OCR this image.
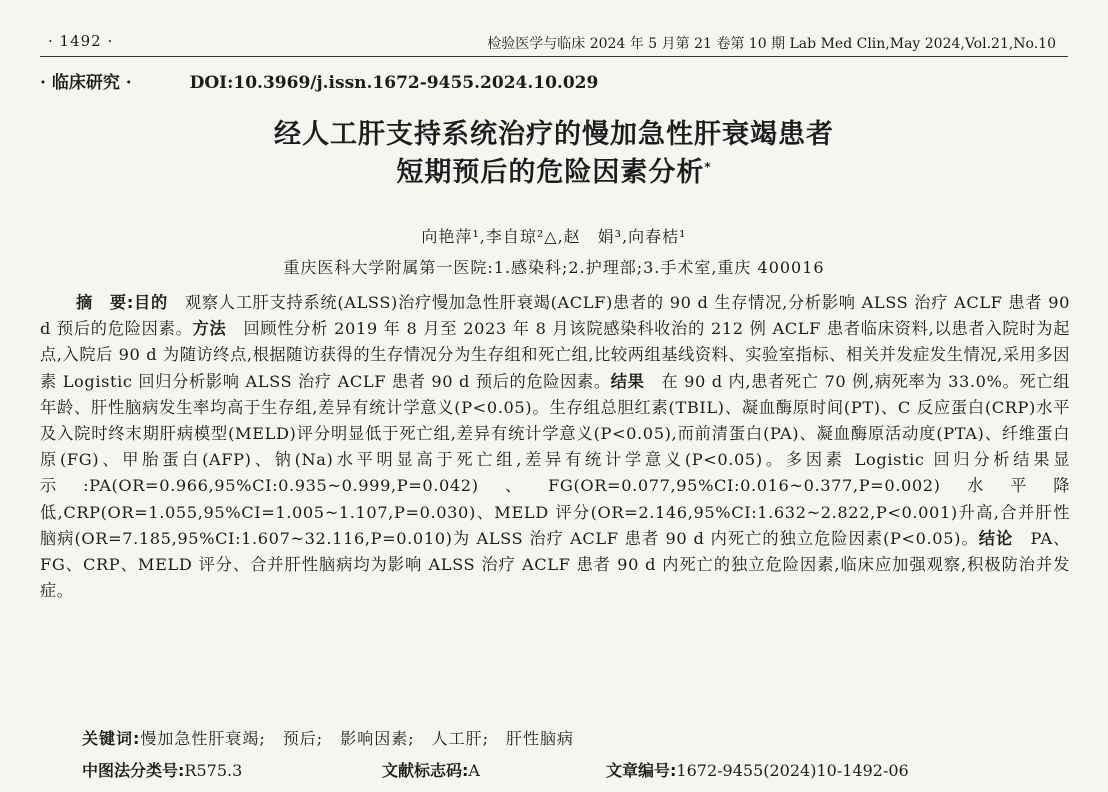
· 1492 ·	检验医学与临床 2024 年 5 月第 21 卷第 10 期 Lab Med Clin,May 2024,Vol.21,No.10
· 临床研究 ·	DOI:10.3969/j.issn.1672-9455.2024.10.029
经人工肝支持系统治疗的慢加急性肝衰竭患者
短期预后的危险因素分析*
向艳萍¹,李自琼²△,赵　娟³,向春桔¹
重庆医科大学附属第一医院:1.感染科;2.护理部;3.手术室,重庆 400016
摘　要:目的　观察人工肝支持系统(ALSS)治疗慢加急性肝衰竭(ACLF)患者的 90 d 生存情况,分析影响 ALSS 治疗 ACLF 患者 90 d 预后的危险因素。方法　回顾性分析 2019 年 8 月至 2023 年 8 月该院感染科收治的 212 例 ACLF 患者临床资料,以患者入院时为起点,入院后 90 d 为随访终点,根据随访获得的生存情况分为生存组和死亡组,比较两组基线资料、实验室指标、相关并发症发生情况,采用多因素 Logistic 回归分析影响 ALSS 治疗 ACLF 患者 90 d 预后的危险因素。结果　在 90 d 内,患者死亡 70 例,病死率为 33.0%。死亡组年龄、肝性脑病发生率均高于生存组,差异有统计学意义(P<0.05)。生存组总胆红素(TBIL)、凝血酶原时间(PT)、C 反应蛋白(CRP)水平及入院时终末期肝病模型(MELD)评分明显低于死亡组,差异有统计学意义(P<0.05),而前清蛋白(PA)、凝血酶原活动度(PTA)、纤维蛋白原(FG)、甲胎蛋白(AFP)、钠(Na)水平明显高于死亡组,差异有统计学意义(P<0.05)。多因素 Logistic 回归分析结果显示:PA(OR=0.966,95%CI:0.935~0.999,P=0.042)、FG(OR=0.077,95%CI:0.016~0.377,P=0.002)水平降低,CRP(OR=1.055,95%CI=1.005~1.107,P=0.030)、MELD 评分(OR=2.146,95%CI:1.632~2.822,P<0.001)升高,合并肝性脑病(OR=7.185,95%CI:1.607~32.116,P=0.010)为 ALSS 治疗 ACLF 患者 90 d 内死亡的独立危险因素(P<0.05)。结论　PA、FG、CRP、MELD 评分、合并肝性脑病均为影响 ALSS 治疗 ACLF 患者 90 d 内死亡的独立危险因素,临床应加强观察,积极防治并发症。
关键词:慢加急性肝衰竭;　预后;　影响因素;　人工肝;　肝性脑病
中图法分类号:R575.3	文献标志码:A	文章编号:1672-9455(2024)10-1492-06
